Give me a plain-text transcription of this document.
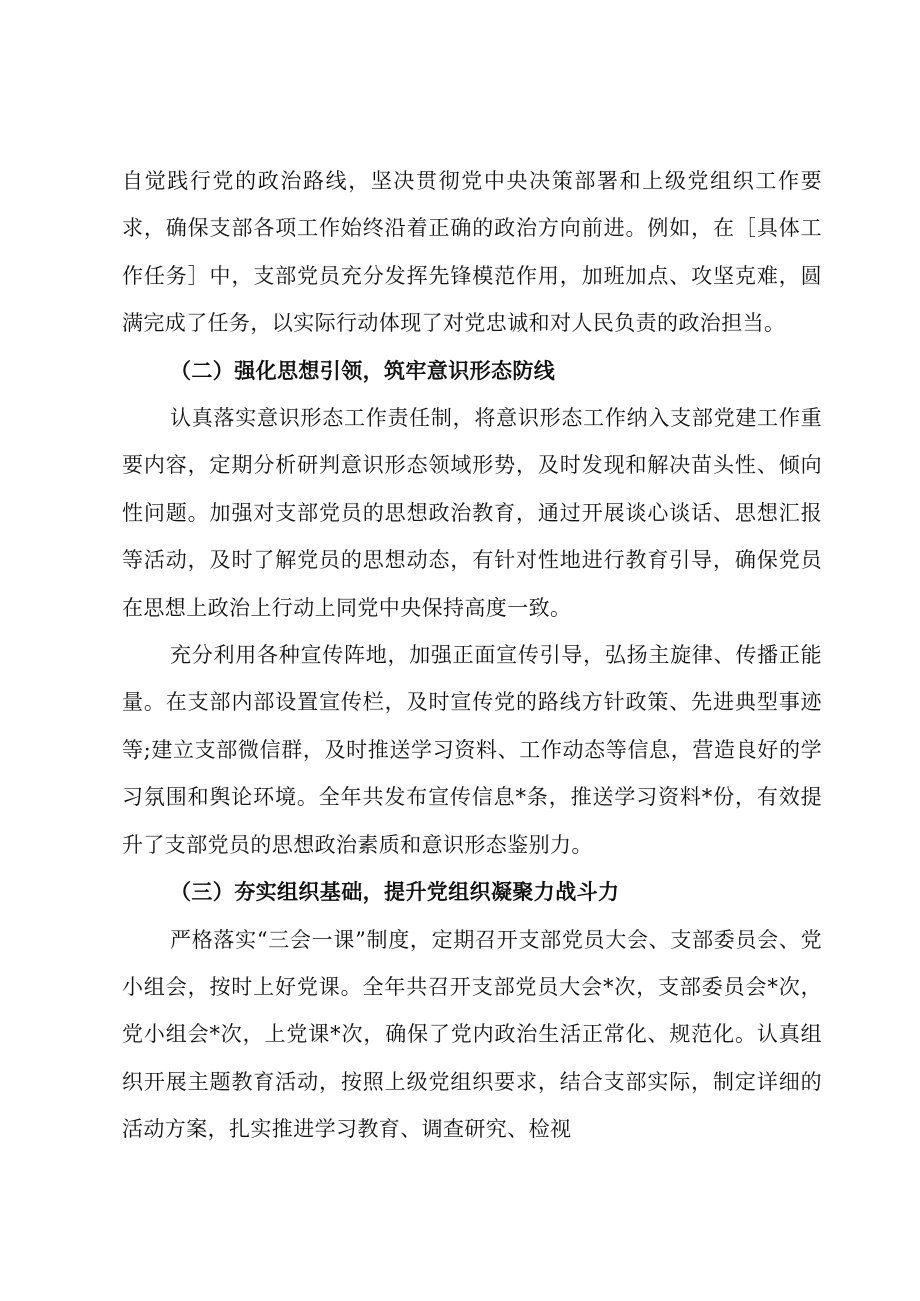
自觉践行党的政治路线，坚决贯彻党中央决策部署和上级党组织工作要求，确保支部各项工作始终沿着正确的政治方向前进。例如，在［具体工作任务］中，支部党员充分发挥先锋模范作用，加班加点、攻坚克难，圆满完成了任务，以实际行动体现了对党忠诚和对人民负责的政治担当。

（二）强化思想引领，筑牢意识形态防线

认真落实意识形态工作责任制，将意识形态工作纳入支部党建工作重要内容，定期分析研判意识形态领域形势，及时发现和解决苗头性、倾向性问题。加强对支部党员的思想政治教育，通过开展谈心谈话、思想汇报等活动，及时了解党员的思想动态，有针对性地进行教育引导，确保党员在思想上政治上行动上同党中央保持高度一致。

充分利用各种宣传阵地，加强正面宣传引导，弘扬主旋律、传播正能量。在支部内部设置宣传栏，及时宣传党的路线方针政策、先进典型事迹等;建立支部微信群，及时推送学习资料、工作动态等信息，营造良好的学习氛围和舆论环境。全年共发布宣传信息*条，推送学习资料*份，有效提升了支部党员的思想政治素质和意识形态鉴别力。

（三）夯实组织基础，提升党组织凝聚力战斗力

严格落实“三会一课”制度，定期召开支部党员大会、支部委员会、党小组会，按时上好党课。全年共召开支部党员大会*次，支部委员会*次，党小组会*次，上党课*次，确保了党内政治生活正常化、规范化。认真组织开展主题教育活动，按照上级党组织要求，结合支部实际，制定详细的活动方案，扎实推进学习教育、调查研究、检视
